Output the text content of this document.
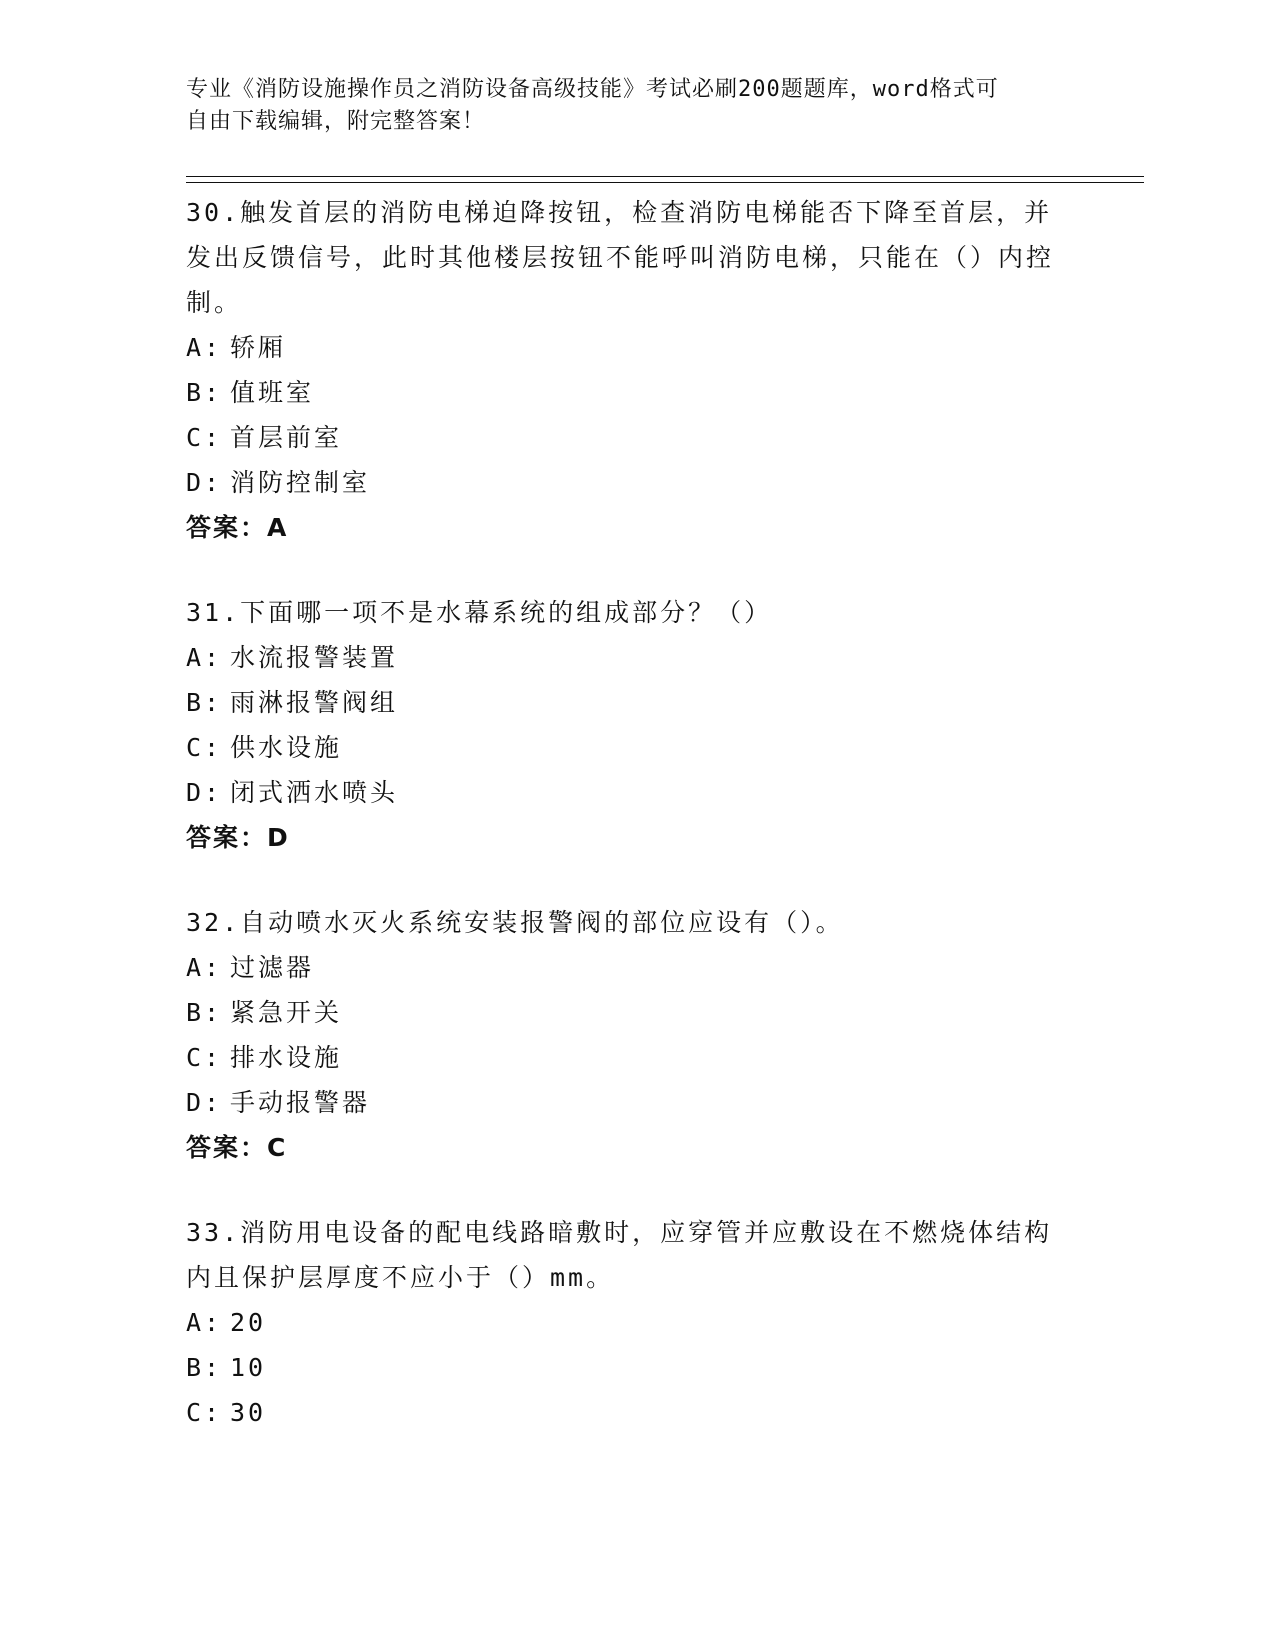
专业《消防设施操作员之消防设备高级技能》考试必刷200题题库，word格式可
自由下载编辑，附完整答案！
30.触发首层的消防电梯迫降按钮，检查消防电梯能否下降至首层，并发出反馈信号，此时其他楼层按钮不能呼叫消防电梯，只能在（）内控制。
A: 轿厢
B: 值班室
C: 首层前室
D: 消防控制室
答案：A
31.下面哪一项不是水幕系统的组成部分？（）
A: 水流报警装置
B: 雨淋报警阀组
C: 供水设施
D: 闭式洒水喷头
答案：D
32.自动喷水灭火系统安装报警阀的部位应设有（）。
A: 过滤器
B: 紧急开关
C: 排水设施
D: 手动报警器
答案：C
33.消防用电设备的配电线路暗敷时，应穿管并应敷设在不燃烧体结构内且保护层厚度不应小于（）mm。
A: 20
B: 10
C: 30
